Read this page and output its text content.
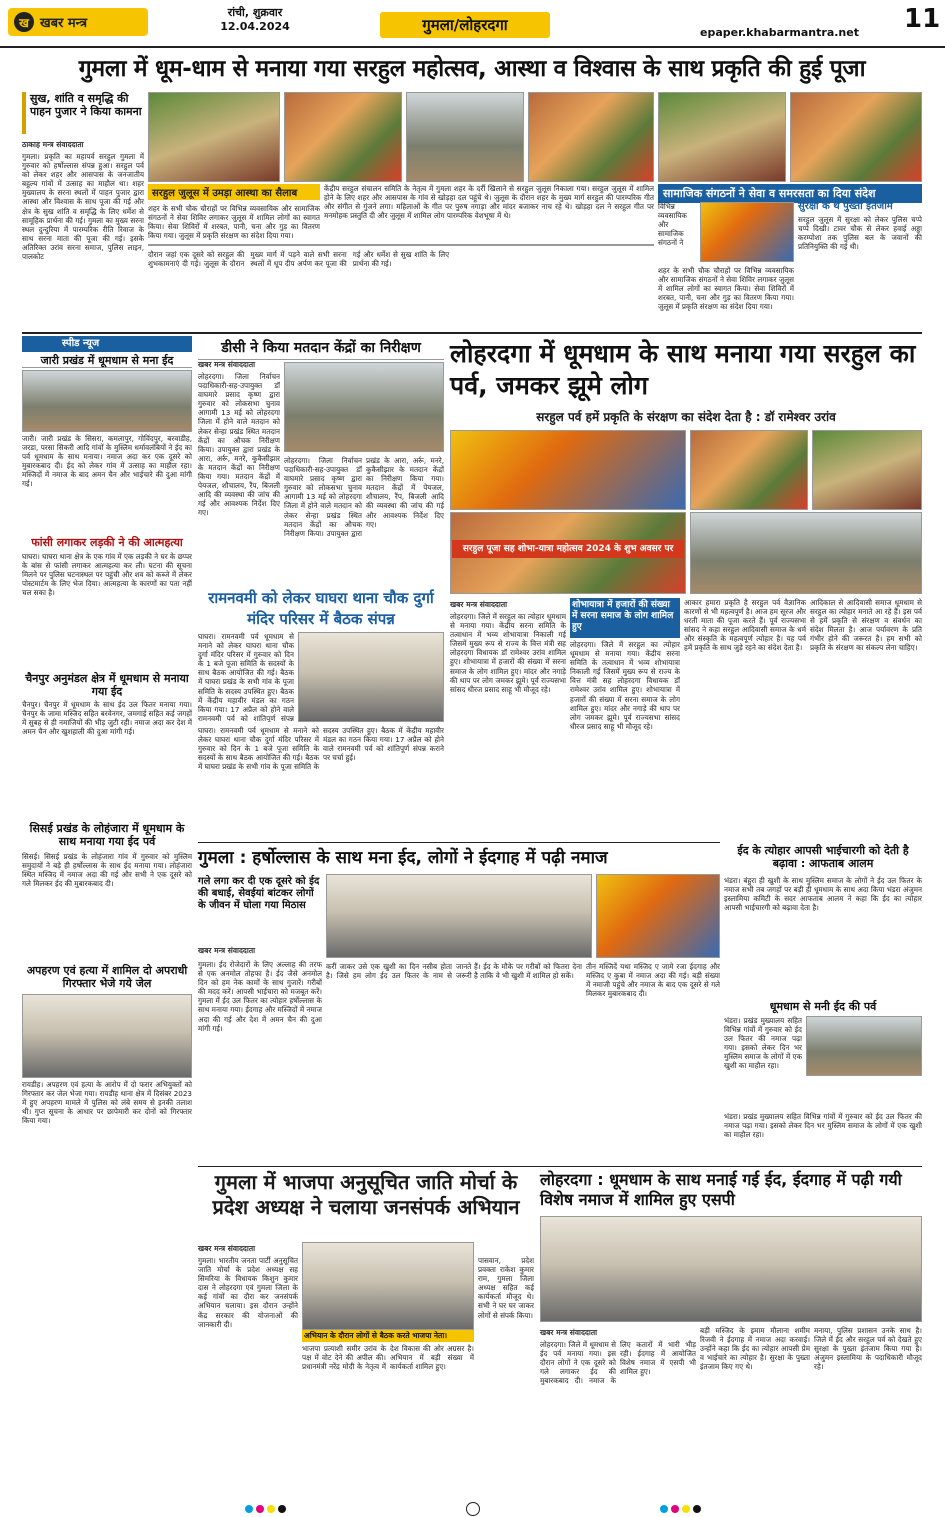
ख खबर मन्त्र
रांची, शुक्रवार
12.04.2024	गुमला/लोहरदगा	epaper.khabarmantra.net 11
गुमला में धूम-धाम से मनाया गया सरहुल महोत्सव, आस्था व विश्वास के साथ प्रकृति की हुई पूजा
सुख, शांति व समृद्धि की पाहन पुजार ने किया कामना
ठाकाह मन्त्र संवाददाता
गुमला। प्रकृति का महापर्व सरहुल गुमला में गुरुवार को हर्षोल्लास संपन्न हुआ। सरहुल पर्व को लेकर शहर और आसपास के जनजातीय बहुल्य गांवों में उत्साह का माहौल था। शहर मुख्यालय के सरना स्थलों में पाहन पुजार द्वारा आस्था और विश्वास के साथ पूजा की गई और क्षेत्र के सुख शांति व समृद्धि के लिए धर्मेश से सामूहिक प्रार्थना की गई। गुमला का मुख्य सरना स्थल दुन्दुरिया में पारम्परिक रीति रिवाज के साथ सरना माता की पूजा की गई। इसके अतिरिक्त उरांव सरना समाज, पुलिस लाइन, पालकोट
सरहुल जुलूस में उमड़ा आस्था का सैलाब	केंद्रीय सरहुल संचालन समिति के नेतृत्व में गुमला शहर के दर्री खिलाने से सरहुल जुलूस निकाला गया। सरहुल जुलूस में शामिल होने के लिए शहर और आसपास के गांव से खोड़हा दल पहुंचे थे। जुलूस के दौरान शहर के मुख्य मार्ग सरहुल की पारम्परिक गीत और संगीत से गुंजने लगा। महिलाओं के गीत पर पुरुष नगाड़ा और मांदर बजाकर नाच रहे थे। खोड़हा दल ने सरहुल गीत पर मनमोहक प्रस्तुति दी और जुलूस में शामिल लोग पारम्परिक वेशभूषा में थे।
शहर के सभी चौक चौराहों पर विभिन्न व्यवसायिक और सामाजिक संगठनों ने सेवा शिविर लगाकर जुलूस में शामिल लोगों का स्वागत किया। सेवा शिविरों में शरबत, पानी, चना और गुड़ का वितरण किया गया। जुलूस में प्रकृति संरक्षण का संदेश दिया गया।
दौरान जहां एक दूसरे को सरहुल की शुभकामनाएं दी गई। जुलूस के दौरान मुख्य मार्ग में पड़ने वाले सभी सरना स्थलों में धूप दीप अर्पण कर पूजा की गई और धर्मेश से सुख शांति के लिए प्रार्थना की गई।
सामाजिक संगठनों ने सेवा व समरसता का दिया संदेश
विभिन्न व्यवसायिक और सामाजिक संगठनों ने
शहर के सभी चौक चौराहों पर विभिन्न व्यवसायिक और सामाजिक संगठनों ने सेवा शिविर लगाकर जुलूस में शामिल लोगों का स्वागत किया। सेवा शिविरों में शरबत, पानी, चना और गुड़ का वितरण किया गया। जुलूस में प्रकृति संरक्षण का संदेश दिया गया।
सुरक्षा के थे पुख्ता इंतजाम
सरहुल जुलूस में सुरक्षा को लेकर पुलिस चप्पे चप्पे दिखी। टावर चौक से लेकर हवाई अड्डा करम्पोशा तक पुलिस बल के जवानों की प्रतिनियुक्ति की गई थी।
स्पीड न्यूज
जारी प्रखंड में धूमधाम से मना ईद
जारी। जारी प्रखंड के सिसरा, कमलापुर, गोविंदपुर, बरवाडीह, जरडा, परसा सिकरी आदि गांवों के मुस्लिम धर्मावलंबियों ने ईद का पर्व धूमधाम के साथ मनाया। नमाज अदा कर एक दूसरे को मुबारकबाद दी। ईद को लेकर गांव में उत्साह का माहौल रहा। मस्जिदों में नमाज के बाद अमन चैन और भाईचारे की दुआ मांगी गई।
फांसी लगाकर लड़की ने की आत्महत्या
घाघरा। घाघरा थाना क्षेत्र के एक गांव में एक लड़की ने घर के छप्पर के बांस से फांसी लगाकर आत्महत्या कर ली। घटना की सूचना मिलने पर पुलिस घटनास्थल पर पहुंची और शव को कब्जे में लेकर पोस्टमार्टम के लिए भेज दिया। आत्महत्या के कारणों का पता नहीं चल सका है।
चैनपुर अनुमंडल क्षेत्र में धूमधाम से मनाया गया ईद
चैनपुर। चैनपुर में धूमधाम के साथ ईद उल फितर मनाया गया। चैनपुर के जामा मस्जिद सहित बरवेनगर, जमगाई सहित कई जगहों में सुबह से ही नमाजियों की भीड़ जुटी रही। नमाज अदा कर देश में अमन चैन और खुशहाली की दुआ मांगी गई।
सिसई प्रखंड के लोहंजारा में धूमधाम के साथ मनाया गया ईद पर्व
सिसई। सिसई प्रखंड के लोहंजारा गांव में गुरुवार को मुस्लिम समुदायों ने बड़े ही हर्षोल्लास के साथ ईद मनाया गया। लोहंजारा स्थित मस्जिद में नमाज अदा की गई और सभी ने एक दूसरे को गले मिलकर ईद की मुबारकबाद दी।
अपहरण एवं हत्या में शामिल दो अपराधी गिरफ्तार भेजे गये जेल
रायडीह। अपहरण एवं हत्या के आरोप में दो फरार अभियुक्तों को गिरफ्तार कर जेल भेजा गया। रायडीह थाना क्षेत्र में दिसंबर 2023 में हुए अपहरण मामले में पुलिस को लंबे समय से इनकी तलाश थी। गुप्त सूचना के आधार पर छापेमारी कर दोनों को गिरफ्तार किया गया।
डीसी ने किया मतदान केंद्रों का निरीक्षण
खबर मन्त्र संवाददाता
लोहरदगा। जिला निर्वाचन पदाधिकारी-सह-उपायुक्त डॉ वाघमारे प्रसाद कृष्ण द्वारा गुरुवार को लोकसभा चुनाव आगामी 13 मई को लोहरदगा जिला में होने वाले मतदान को लेकर सेन्हा प्रखंड स्थित मतदान केंद्रों का औचक निरीक्षण किया। उपायुक्त द्वारा प्रखंड के आरा, अर्रू, मनरे, कुकैसीझार के मतदान केंद्रों का निरीक्षण किया गया। मतदान केंद्रों में पेयजल, शौचालय, रैंप, बिजली आदि की व्यवस्था की जांच की गई और आवश्यक निर्देश दिए गए।
लोहरदगा। जिला निर्वाचन पदाधिकारी-सह-उपायुक्त डॉ वाघमारे प्रसाद कृष्ण द्वारा गुरुवार को लोकसभा चुनाव आगामी 13 मई को लोहरदगा जिला में होने वाले मतदान को लेकर सेन्हा प्रखंड स्थित मतदान केंद्रों का औचक निरीक्षण किया। उपायुक्त द्वारा प्रखंड के आरा, अर्रू, मनरे, कुकैसीझार के मतदान केंद्रों का निरीक्षण किया गया। मतदान केंद्रों में पेयजल, शौचालय, रैंप, बिजली आदि की व्यवस्था की जांच की गई और आवश्यक निर्देश दिए गए।
रामनवमी को लेकर घाघरा थाना चौक दुर्गा मंदिर परिसर में बैठक संपन्न
घाघरा। रामनवमी पर्व धूमधाम से मनाने को लेकर घाघरा थाना चौक दुर्गा मंदिर परिसर में गुरुवार को दिन के 1 बजे पूजा समिति के सदस्यों के साथ बैठक आयोजित की गई। बैठक में घाघरा प्रखंड के सभी गांव के पूजा समिति के सदस्य उपस्थित हुए। बैठक में केंद्रीय महावीर मंडल का गठन किया गया। 17 अप्रैल को होने वाले रामनवमी पर्व को शांतिपूर्ण संपन्न
घाघरा। रामनवमी पर्व धूमधाम से मनाने को लेकर घाघरा थाना चौक दुर्गा मंदिर परिसर में गुरुवार को दिन के 1 बजे पूजा समिति के सदस्यों के साथ बैठक आयोजित की गई। बैठक में घाघरा प्रखंड के सभी गांव के पूजा समिति के सदस्य उपस्थित हुए। बैठक में केंद्रीय महावीर मंडल का गठन किया गया। 17 अप्रैल को होने वाले रामनवमी पर्व को शांतिपूर्ण संपन्न कराने पर चर्चा हुई।
लोहरदगा में धूमधाम के साथ मनाया गया सरहुल का पर्व, जमकर झूमे लोग
सरहुल पर्व हमें प्रकृति के संरक्षण का संदेश देता है : डॉ रामेश्वर उरांव
सरहुल पूजा सह शोभा-यात्रा महोत्सव 2024 के शुभ अवसर पर
खबर मन्त्र संवाददाता	शोभायात्रा में हजारों की संख्या में सरना समाज के लोग शामिल हुए
लोहरदगा। जिले में सरहुल का त्योहार धूमधाम से मनाया गया। केंद्रीय सरना समिति के तत्वाधान में भव्य शोभायात्रा निकाली गई जिसमें मुख्य रूप से राज्य के वित्त मंत्री सह लोहरदगा विधायक डॉ रामेश्वर उरांव शामिल हुए। शोभायात्रा में हजारों की संख्या में सरना समाज के लोग शामिल हुए। मांदर और नगाड़े की थाप पर लोग जमकर झूमे। पूर्व राज्यसभा सांसद धीरज प्रसाद साहू भी मौजूद रहे।
लोहरदगा। जिले में सरहुल का त्योहार धूमधाम से मनाया गया। केंद्रीय सरना समिति के तत्वाधान में भव्य शोभायात्रा निकाली गई जिसमें मुख्य रूप से राज्य के वित्त मंत्री सह लोहरदगा विधायक डॉ रामेश्वर उरांव शामिल हुए। शोभायात्रा में हजारों की संख्या में सरना समाज के लोग शामिल हुए। मांदर और नगाड़े की थाप पर लोग जमकर झूमे। पूर्व राज्यसभा सांसद धीरज प्रसाद साहू भी मौजूद रहे।
आकार हमारा प्रकृति है सरहुल पर्व वैज्ञानिक कारणों से भी महत्वपूर्ण है। आज हम सूरज और धरती माता की पूजा करते हैं। पूर्व राज्यसभा सांसद ने कहा सरहुल आदिवासी समाज के धर्म और संस्कृति के महत्वपूर्ण त्योहार है। यह पर्व हमें प्रकृति के साथ जुड़े रहने का संदेश देता है।
आदिकाल से आदिवासी समाज धूमधाम से सरहुल का त्योहार मनाते आ रहे हैं। इस पर्व से हमें प्रकृति से संरक्षण व संवर्धन का संदेश मिलता है। आज पर्यावरण के प्रति गंभीर होने की जरूरत है। हम सभी को प्रकृति के संरक्षण का संकल्प लेना चाहिए।
गुमला : हर्षोल्लास के साथ मना ईद, लोगों ने ईदगाह में पढ़ी नमाज
गले लगा कर दी एक दूसरे को ईद की बधाई, सेवईयां बांटकर लोगों के जीवन में घोला गया मिठास
खबर मन्त्र संवाददाता
गुमला। ईद रोजेदारों के लिए अल्लाह की तरफ से एक अनमोल तोहफा है। ईद जैसे अनमोल दिन को हम नेक कामों के साथ गुजारें। गरीबों की मदद करें। आपसी भाईचारा को मजबूत करें। गुमला में ईद उल फितर का त्योहार हर्षोल्लास के साथ मनाया गया। ईदगाह और मस्जिदों में नमाज अदा की गई और देश में अमन चैन की दुआ मांगी गई।
करीं जाकर उसे एक खुशी का दिन नसीब होता है। जिसे हम लोग ईद उल फितर के नाम से जानते हैं। ईद के मौके पर गरीबों को फितरा देना जरूरी है ताकि वे भी खुशी में शामिल हो सकें।
तीन मस्जिदें यथा मस्जिद ए जामे रजा ईदगाह और मस्जिद ए कुबा में नमाज अदा की गई। बड़ी संख्या में नमाजी पहुंचे और नमाज के बाद एक दूसरे से गले मिलकर मुबारकबाद दी।
ईद के त्योहार आपसी भाईचारगी को देती है बढ़ावा : आफताब आलम
भंडरा। बंहुरा ही खुशी के साथ मुस्लिम समाज के लोगों ने ईद उल फितर के नमाज सभी तब जगहों पर बड़ी ही धूमधाम के साथ अदा किया भंडरा अंजुमन इस्लामिया कमिटी के सदर आफताब आलम ने कहा कि ईद का त्योहार आपसी भाईचारगी को बढ़ावा देता है।
धूमधाम से मनी ईद की पर्व
भंडरा। प्रखंड मुख्यालय सहित विभिन्न गांवों में गुरुवार को ईद उल फितर की नमाज पढ़ा गया। इसको लेकर दिन भर मुस्लिम समाज के लोगों में एक खुशी का माहौल रहा।
भंडरा। प्रखंड मुख्यालय सहित विभिन्न गांवों में गुरुवार को ईद उल फितर की नमाज पढ़ा गया। इसको लेकर दिन भर मुस्लिम समाज के लोगों में एक खुशी का माहौल रहा।
गुमला में भाजपा अनुसूचित जाति मोर्चा के प्रदेश अध्यक्ष ने चलाया जनसंपर्क अभियान
खबर मन्त्र संवाददाता
गुमला। भारतीय जनता पार्टी अनुसूचित जाति मोर्चा के प्रदेश अध्यक्ष सह सिमरिया के विधायक किशुन कुमार दास ने लोहरदगा एवं गुमला जिला के कई गांवों का दौरा कर जनसंपर्क अभियान चलाया। इस दौरान उन्होंने केंद्र सरकार की योजनाओं की जानकारी दी।
अभियान के दौरान लोगों से बैठक करते भाजपा नेता।
भाजपा प्रत्याशी समीर उरांव के पक्ष में वोट देने की अपील की। प्रधानमंत्री नरेंद्र मोदी के नेतृत्व में देश विकास की ओर अग्रसर है। अभियान में बड़ी संख्या में कार्यकर्ता शामिल हुए।
पासवान, प्रदेश प्रवक्ता राकेश कुमार राम, गुमला जिला अध्यक्ष सहित कई कार्यकर्ता मौजूद थे। सभी ने घर घर जाकर लोगों से संपर्क किया।
लोहरदगा : धूमधाम के साथ मनाई गई ईद, ईदगाह में पढ़ी गयी विशेष नमाज में शामिल हुए एसपी
खबर मन्त्र संवाददाता
लोहरदगा। जिले में धूमधाम से ईद पर्व मनाया गया। इस दौरान लोगों ने एक दूसरे को गले लगाकर ईद की मुबारकबाद दी। नमाज के लिए कतारों में भारी भीड़ रही। ईदगाह में आयोजित विशेष नमाज में एसपी भी शामिल हुए।
बड़ी मस्जिद के इमाम मौलाना शमीम रिजवी ने ईदगाह में नमाज अदा करवाई। उन्होंने कहा कि ईद का त्योहार आपसी प्रेम व भाईचारे का त्योहार है। सुरक्षा के पुख्ता इंतजाम किए गए थे।
मनाया, पुलिस प्रशासन उनके साथ है। जिले में ईद और सरहुल पर्व को देखते हुए सुरक्षा के पुख्ता इंतजाम किया गया है। अंजुमन इस्लामिया के पदाधिकारी मौजूद रहे।
